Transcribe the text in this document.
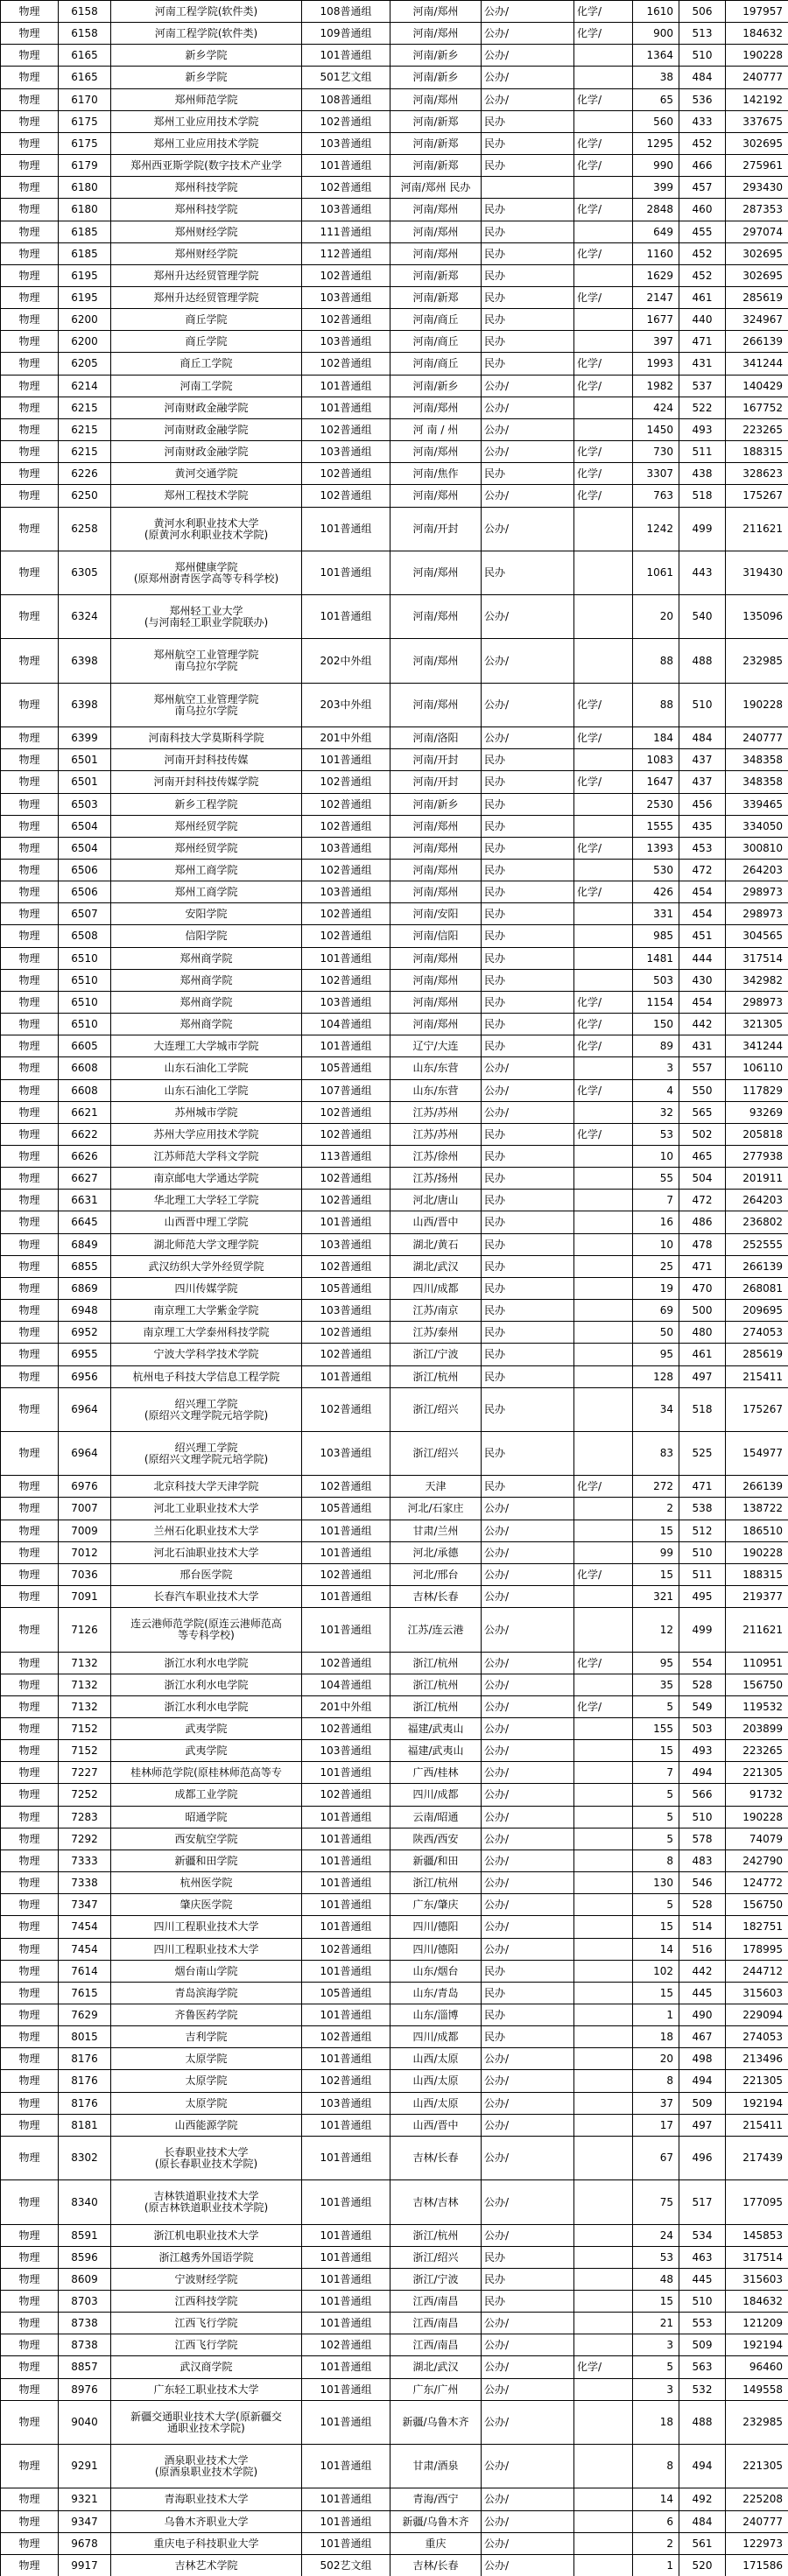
物理	6158	河南工程学院(软件类)	108普通组	河南/郑州	公办/	化学/	1610	506	197957
物理	6158	河南工程学院(软件类)	109普通组	河南/郑州	公办/	化学/	900	513	184632
物理	6165	新乡学院	101普通组	河南/新乡	公办/		1364	510	190228
物理	6165	新乡学院	501艺文组	河南/新乡	公办/		38	484	240777
物理	6170	郑州师范学院	108普通组	河南/郑州	公办/	化学/	65	536	142192
物理	6175	郑州工业应用技术学院	102普通组	河南/新郑	民办		560	433	337675
物理	6175	郑州工业应用技术学院	103普通组	河南/新郑	民办	化学/	1295	452	302695
物理	6179	郑州西亚斯学院(数字技术产业学	101普通组	河南/新郑	民办	化学/	990	466	275961
物理	6180	郑州科技学院	102普通组	河南/郑州 民办			399	457	293430
物理	6180	郑州科技学院	103普通组	河南/郑州	民办	化学/	2848	460	287353
物理	6185	郑州财经学院	111普通组	河南/郑州	民办		649	455	297074
物理	6185	郑州财经学院	112普通组	河南/郑州	民办	化学/	1160	452	302695
物理	6195	郑州升达经贸管理学院	102普通组	河南/新郑	民办		1629	452	302695
物理	6195	郑州升达经贸管理学院	103普通组	河南/新郑	民办	化学/	2147	461	285619
物理	6200	商丘学院	102普通组	河南/商丘	民办		1677	440	324967
物理	6200	商丘学院	103普通组	河南/商丘	民办		397	471	266139
物理	6205	商丘工学院	102普通组	河南/商丘	民办	化学/	1993	431	341244
物理	6214	河南工学院	101普通组	河南/新乡	公办/	化学/	1982	537	140429
物理	6215	河南财政金融学院	101普通组	河南/郑州	公办/		424	522	167752
物理	6215	河南财政金融学院	102普通组	河 南 / 州	公办/		1450	493	223265
物理	6215	河南财政金融学院	103普通组	河南/郑州	公办/	化学/	730	511	188315
物理	6226	黄河交通学院	102普通组	河南/焦作	民办	化学/	3307	438	328623
物理	6250	郑州工程技术学院	102普通组	河南/郑州	公办/	化学/	763	518	175267
物理	6258	黄河水利职业技术大学
(原黄河水利职业技术学院)	101普通组	河南/开封	公办/		1242	499	211621
物理	6305	郑州健康学院
(原郑州澍青医学高等专科学校)	101普通组	河南/郑州	民办		1061	443	319430
物理	6324	郑州轻工业大学
(与河南轻工职业学院联办)	101普通组	河南/郑州	公办/		20	540	135096
物理	6398	郑州航空工业管理学院
南乌拉尔学院	202中外组	河南/郑州	公办/		88	488	232985
物理	6398	郑州航空工业管理学院
南乌拉尔学院	203中外组	河南/郑州	公办/	化学/	88	510	190228
物理	6399	河南科技大学莫斯科学院	201中外组	河南/洛阳	公办/	化学/	184	484	240777
物理	6501	河南开封科技传媒	101普通组	河南/开封	民办		1083	437	348358
物理	6501	河南开封科技传媒学院	102普通组	河南/开封	民办	化学/	1647	437	348358
物理	6503	新乡工程学院	102普通组	河南/新乡	民办		2530	456	339465
物理	6504	郑州经贸学院	102普通组	河南/郑州	民办		1555	435	334050
物理	6504	郑州经贸学院	103普通组	河南/郑州	民办	化学/	1393	453	300810
物理	6506	郑州工商学院	102普通组	河南/郑州	民办		530	472	264203
物理	6506	郑州工商学院	103普通组	河南/郑州	民办	化学/	426	454	298973
物理	6507	安阳学院	102普通组	河南/安阳	民办		331	454	298973
物理	6508	信阳学院	102普通组	河南/信阳	民办		985	451	304565
物理	6510	郑州商学院	101普通组	河南/郑州	民办		1481	444	317514
物理	6510	郑州商学院	102普通组	河南/郑州	民办		503	430	342982
物理	6510	郑州商学院	103普通组	河南/郑州	民办	化学/	1154	454	298973
物理	6510	郑州商学院	104普通组	河南/郑州	民办	化学/	150	442	321305
物理	6605	大连理工大学城市学院	101普通组	辽宁/大连	民办	化学/	89	431	341244
物理	6608	山东石油化工学院	105普通组	山东/东营	公办/		3	557	106110
物理	6608	山东石油化工学院	107普通组	山东/东营	公办/	化学/	4	550	117829
物理	6621	苏州城市学院	102普通组	江苏/苏州	公办/		32	565	93269
物理	6622	苏州大学应用技术学院	102普通组	江苏/苏州	民办	化学/	53	502	205818
物理	6626	江苏师范大学科文学院	113普通组	江苏/徐州	民办		10	465	277938
物理	6627	南京邮电大学通达学院	102普通组	江苏/扬州	民办		55	504	201911
物理	6631	华北理工大学轻工学院	102普通组	河北/唐山	民办		7	472	264203
物理	6645	山西晋中理工学院	101普通组	山西/晋中	民办		16	486	236802
物理	6849	湖北师范大学文理学院	103普通组	湖北/黄石	民办		10	478	252555
物理	6855	武汉纺织大学外经贸学院	102普通组	湖北/武汉	民办		25	471	266139
物理	6869	四川传媒学院	105普通组	四川/成都	民办		19	470	268081
物理	6948	南京理工大学紫金学院	103普通组	江苏/南京	民办		69	500	209695
物理	6952	南京理工大学泰州科技学院	102普通组	江苏/泰州	民办		50	480	274053
物理	6955	宁波大学科学技术学院	102普通组	浙江/宁波	民办		95	461	285619
物理	6956	杭州电子科技大学信息工程学院	101普通组	浙江/杭州	民办		128	497	215411
物理	6964	绍兴理工学院
(原绍兴文理学院元培学院)	102普通组	浙江/绍兴	民办		34	518	175267
物理	6964	绍兴理工学院
(原绍兴文理学院元培学院)	103普通组	浙江/绍兴	民办		83	525	154977
物理	6976	北京科技大学天津学院	102普通组	天津	民办	化学/	272	471	266139
物理	7007	河北工业职业技术大学	105普通组	河北/石家庄	公办/		2	538	138722
物理	7009	兰州石化职业技术大学	101普通组	甘肃/兰州	公办/		15	512	186510
物理	7012	河北石油职业技术大学	101普通组	河北/承德	公办/		99	510	190228
物理	7036	邢台医学院	102普通组	河北/邢台	公办/	化学/	15	511	188315
物理	7091	长春汽车职业技术大学	101普通组	吉林/长春	公办/		321	495	219377
物理	7126	连云港师范学院(原连云港师范高
等专科学校)	101普通组	江苏/连云港	公办/		12	499	211621
物理	7132	浙江水利水电学院	102普通组	浙江/杭州	公办/	化学/	95	554	110951
物理	7132	浙江水利水电学院	104普通组	浙江/杭州	公办/		35	528	156750
物理	7132	浙江水利水电学院	201中外组	浙江/杭州	公办/	化学/	5	549	119532
物理	7152	武夷学院	102普通组	福建/武夷山	公办/		155	503	203899
物理	7152	武夷学院	103普通组	福建/武夷山	公办/		15	493	223265
物理	7227	桂林师范学院(原桂林师范高等专	101普通组	广西/桂林	公办/		7	494	221305
物理	7252	成都工业学院	102普通组	四川/成都	公办/		5	566	91732
物理	7283	昭通学院	101普通组	云南/昭通	公办/		5	510	190228
物理	7292	西安航空学院	101普通组	陕西/西安	公办/		5	578	74079
物理	7333	新疆和田学院	101普通组	新疆/和田	公办/		8	483	242790
物理	7338	杭州医学院	101普通组	浙江/杭州	公办/		130	546	124772
物理	7347	肇庆医学院	101普通组	广东/肇庆	公办/		5	528	156750
物理	7454	四川工程职业技术大学	101普通组	四川/德阳	公办/		15	514	182751
物理	7454	四川工程职业技术大学	102普通组	四川/德阳	公办/		14	516	178995
物理	7614	烟台南山学院	101普通组	山东/烟台	民办		102	442	244712
物理	7615	青岛滨海学院	105普通组	山东/青岛	民办		15	445	315603
物理	7629	齐鲁医药学院	101普通组	山东/淄博	民办		1	490	229094
物理	8015	吉利学院	102普通组	四川/成都	民办		18	467	274053
物理	8176	太原学院	101普通组	山西/太原	公办/		20	498	213496
物理	8176	太原学院	102普通组	山西/太原	公办/		8	494	221305
物理	8176	太原学院	103普通组	山西/太原	公办/		37	509	192194
物理	8181	山西能源学院	101普通组	山西/晋中	公办/		17	497	215411
物理	8302	长春职业技术大学
(原长春职业技术学院)	101普通组	吉林/长春	公办/		67	496	217439
物理	8340	吉林铁道职业技术大学
(原吉林铁道职业技术学院)	101普通组	吉林/吉林	公办/		75	517	177095
物理	8591	浙江机电职业技术大学	101普通组	浙江/杭州	公办/		24	534	145853
物理	8596	浙江越秀外国语学院	101普通组	浙江/绍兴	民办		53	463	317514
物理	8609	宁波财经学院	101普通组	浙江/宁波	民办		48	445	315603
物理	8703	江西科技学院	101普通组	江西/南昌	民办		15	510	184632
物理	8738	江西飞行学院	101普通组	江西/南昌	公办/		21	553	121209
物理	8738	江西飞行学院	102普通组	江西/南昌	公办/		3	509	192194
物理	8857	武汉商学院	101普通组	湖北/武汉	公办/	化学/	5	563	96460
物理	8976	广东轻工职业技术大学	101普通组	广东/广州	公办/		3	532	149558
物理	9040	新疆交通职业技术大学(原新疆交
通职业技术学院)	101普通组	新疆/乌鲁木齐	公办/		18	488	232985
物理	9291	酒泉职业技术大学
(原酒泉职业技术学院)	101普通组	甘肃/酒泉	公办/		8	494	221305
物理	9321	青海职业技术大学	101普通组	青海/西宁	公办/		14	492	225208
物理	9347	乌鲁木齐职业大学	101普通组	新疆/乌鲁木齐	公办/		6	484	240777
物理	9678	重庆电子科技职业大学	101普通组	重庆	公办/		2	561	122973
物理	9917	吉林艺术学院	502艺文组	吉林/长春	公办/		1	520	171586
